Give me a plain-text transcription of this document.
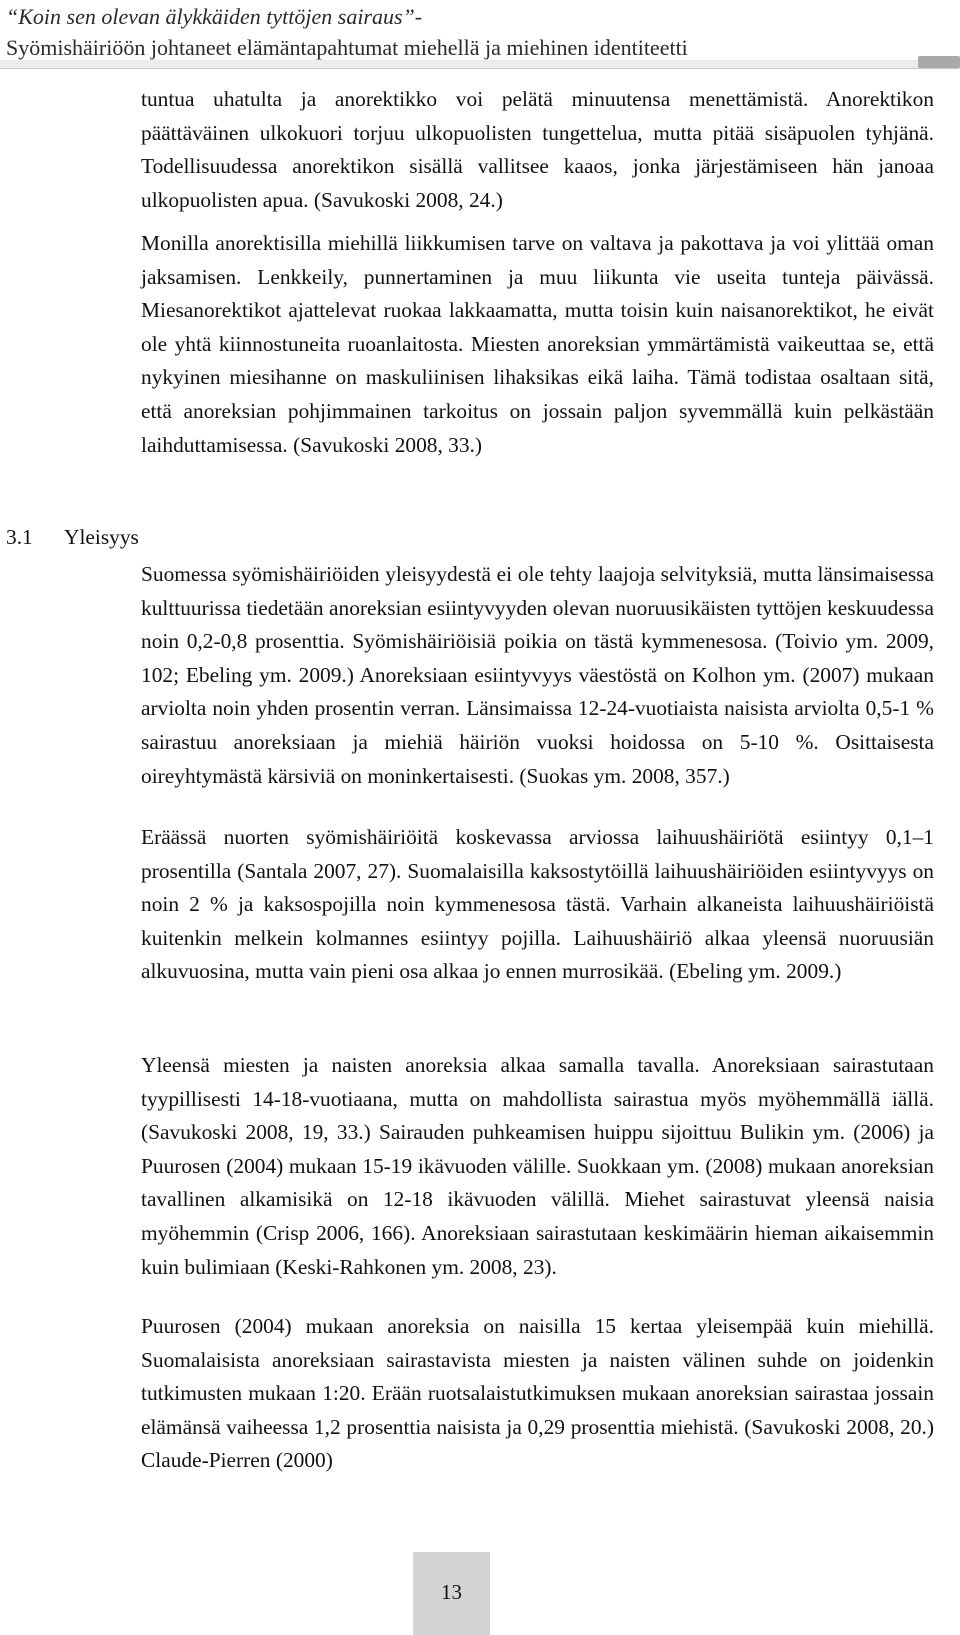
“Koin sen olevan älykkäiden tyttöjen sairaus”-
Syömishäiriöön johtaneet elämäntapahtumat miehellä ja miehinen identiteetti

tuntua uhatulta ja anorektikko voi pelätä minuutensa menettämistä. Anorektikon päättäväinen ulkokuori torjuu ulkopuolisten tungettelua, mutta pitää sisäpuolen tyhjänä. Todellisuudessa anorektikon sisällä vallitsee kaaos, jonka järjestämiseen hän janoaa ulkopuolisten apua. (Savukoski 2008, 24.)

Monilla anorektisilla miehillä liikkumisen tarve on valtava ja pakottava ja voi ylittää oman jaksamisen. Lenkkeily, punnertaminen ja muu liikunta vie useita tunteja päivässä. Miesanorektikot ajattelevat ruokaa lakkaamatta, mutta toisin kuin naisanorektikot, he eivät ole yhtä kiinnostuneita ruoanlaitosta. Miesten anoreksian ymmärtämistä vaikeuttaa se, että nykyinen miesihanne on maskuliinisen lihaksikas eikä laiha. Tämä todistaa osaltaan sitä, että anoreksian pohjimmainen tarkoitus on jossain paljon syvemmällä kuin pelkästään laihduttamisessa. (Savukoski 2008, 33.)

3.1 Yleisyys

Suomessa syömishäiriöiden yleisyydestä ei ole tehty laajoja selvityksiä, mutta länsimaisessa kulttuurissa tiedetään anoreksian esiintyvyyden olevan nuoruusikäisten tyttöjen keskuudessa noin 0,2-0,8 prosenttia. Syömishäiriöisiä poikia on tästä kymmenesosa. (Toivio ym. 2009, 102; Ebeling ym. 2009.) Anoreksiaan esiintyvyys väestöstä on Kolhon ym. (2007) mukaan arviolta noin yhden prosentin verran. Länsimaissa 12-24-vuotiaista naisista arviolta 0,5-1 % sairastuu anoreksiaan ja miehiä häiriön vuoksi hoidossa on 5-10 %. Osittaisesta oireyhtymästä kärsiviä on moninkertaisesti. (Suokas ym. 2008, 357.)

Eräässä nuorten syömishäiriöitä koskevassa arviossa laihuushäiriötä esiintyy 0,1–1 prosentilla (Santala 2007, 27). Suomalaisilla kaksostytöillä laihuushäiriöiden esiintyvyys on noin 2 % ja kaksospojilla noin kymmenesosa tästä. Varhain alkaneista laihuushäiriöistä kuitenkin melkein kolmannes esiintyy pojilla. Laihuushäiriö alkaa yleensä nuoruusiän alkuvuosina, mutta vain pieni osa alkaa jo ennen murrosikää. (Ebeling ym. 2009.)

Yleensä miesten ja naisten anoreksia alkaa samalla tavalla. Anoreksiaan sairastutaan tyypillisesti 14-18-vuotiaana, mutta on mahdollista sairastua myös myöhemmällä iällä. (Savukoski 2008, 19, 33.) Sairauden puhkeamisen huippu sijoittuu Bulikin ym. (2006) ja Puurosen (2004) mukaan 15-19 ikävuoden välille. Suokkaan ym. (2008) mukaan anoreksian tavallinen alkamisikä on 12-18 ikävuoden välillä. Miehet sairastuvat yleensä naisia myöhemmin (Crisp 2006, 166). Anoreksiaan sairastutaan keskimäärin hieman aikaisemmin kuin bulimiaan (Keski-Rahkonen ym. 2008, 23).

Puurosen (2004) mukaan anoreksia on naisilla 15 kertaa yleisempää kuin miehillä. Suomalaisista anoreksiaan sairastavista miesten ja naisten välinen suhde on joidenkin tutkimusten mukaan 1:20. Erään ruotsalaistutkimuksen mukaan anoreksian sairastaa jossain elämänsä vaiheessa 1,2 prosenttia naisista ja 0,29 prosenttia miehistä. (Savukoski 2008, 20.) Claude-Pierren (2000)

13
